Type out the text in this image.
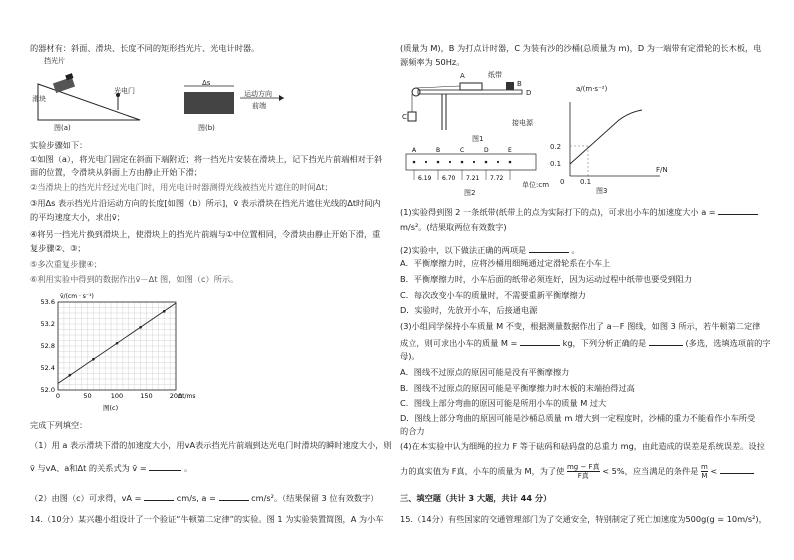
的器材有：斜面、滑块、长度不同的矩形挡光片、光电计时器。
挡光片
滑块
光电门
图(a)
Δs
运动方向
前端
图(b)
实验步骤如下：
①如图（a），将光电门固定在斜面下端附近；将一挡光片安装在滑块上，记下挡光片前端相对于斜
面的位置，令滑块从斜面上方由静止开始下滑；
②当滑块上的挡光片经过光电门时，用光电计时器测得光线被挡光片遮住的时间Δt；
③用Δs 表示挡光片沿运动方向的长度[如图（b）所示]，v̄ 表示滑块在挡光片遮住光线的Δt时间内
的平均速度大小，求出v̄；
④将另一挡光片换到滑块上，使滑块上的挡光片前端与①中位置相同，令滑块由静止开始下滑，重
复步骤②、③；
⑤多次重复步骤④；
⑥利用实验中得到的数据作出v̄－Δt 图，如图（c）所示。
v̄/(cm · s⁻¹)
0	50	100	150	200
52.0
52.4
52.8
53.2
53.6
Δt/ms
图(c)
完成下列填空：
（1）用 a 表示滑块下滑的加速度大小，用vA表示挡光片前端到达光电门时滑块的瞬时速度大小，则
v̄ 与vA、a和Δt 的关系式为 v̄ =	。
（2）由图（c）可求得，vA =	cm/s, a =	cm/s²。（结果保留 3 位有效数字）
14.（10分）某兴趣小组设计了一个验证“牛顿第二定律”的实验。图 1 为实验装置简图，A 为小车
(质量为 M)，B 为打点计时器，C 为装有沙的沙桶(总质量为 m)，D 为一端带有定滑轮的长木板，电
源频率为 50Hz。
A
B
C
D
纸带
接电源
图1
A	B	C	D	E
6.19 6.70 7.21 7.72
单位:cm
图2
a/(m·s⁻²)
F/N
0.2
0.1
0 0.1
图3
(1)实验得到图 2 一条纸带(纸带上的点为实际打下的点)，可求出小车的加速度大小 a =
m/s²。(结果取两位有效数字)
(2)实验中，以下做法正确的两项是	。
A．平衡摩擦力时，应将沙桶用细绳通过定滑轮系在小车上
B．平衡摩擦力时，小车后面的纸带必须连好，因为运动过程中纸带也要受到阻力
C．每次改变小车的质量时，不需要重新平衡摩擦力
D．实验时，先放开小车，后接通电源
(3)小组同学保持小车质量 M 不变，根据测量数据作出了 a－F 图线，如图 3 所示，若牛顿第二定律
成立，则可求出小车的质量 M =	kg，下列分析正确的是	(多选，选填选项前的字
母)。
A．图线不过原点的原因可能是没有平衡摩擦力
B．图线不过原点的原因可能是平衡摩擦力时木板的末端抬得过高
C．图线上部分弯曲的原因可能是所用小车的质量 M 过大
D．图线上部分弯曲的原因可能是沙桶总质量 m 增大到一定程度时，沙桶的重力不能看作小车所受
的合力
(4)在本实验中认为细绳的拉力 F 等于砝码和砝码盘的总重力 mg，由此造成的误差是系统误差。设拉
力的真实值为 F真，小车的质量为 M，为了使 mg − F真
F真	< 5%，应当满足的条件是 $\frac{m}{M}$ <
三、填空题（共计 3 大题，共计 44 分）
15.（14分）有些国家的交通管理部门为了交通安全，特别制定了死亡加速度为500g(g = 10m/s²)，
